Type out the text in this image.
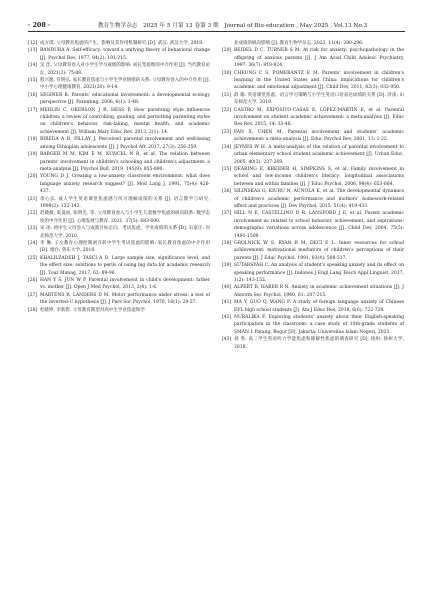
· 208 ·	教育生物学杂志　2025 年 5 月第 13 卷第 3 期　Journal of Bio-education , May 2025 , Vol.13 No.3
[12] 成方琪. 父母教育焦虑的产生、影响及其作用机制研究 [D]. 武汉: 武汉大学, 2019.
[13] BANDURA A. Self-efficacy: toward a unifying theory of behavioral change [J]. Psychol Rev, 1977, 84(2): 191-215.
[14] 吴 佳. 父母教育卷入对小学生学习成绩的影响: 成长型思维的中介作用 [J]. 当代教育论坛, 2021(2): 75-88.
[15] 程兴逸, 符明弘. 家长教育焦虑与小学生学业情绪的关系: 父母教育卷入的中介作用 [J]. 中小学心理健康教育, 2021(20): 9-14.
[16] SEGINER R. Parents' educational involvement: a developmental ecology perspective [J]. Parenting, 2006, 6(1): 1-48.
[17] MERLIN C, OKERSON J R, HESS P. How parenting style influences children: a review of controlling, guiding, and permitting parenting styles on children's behavior, risk-taking, mental health, and academic achievement [J]. William Mary Educ Rev, 2013, 2(1): 14.
[18] BIREDA A D, PILLAY J. Perceived parental involvement and well-being among Ethiopian adolescents [J]. J Psychol Afr, 2017, 27(3): 256-259.
[19] BARGER M M, KIM E M, KUNCEL N R, et al. The relation between parents' involvement in children's schooling and children's adjustment: a meta-analysis [J]. Psychol Bull, 2019, 145(9): 855-890.
[20] YOUNG D J. Creating a low-anxiety classroom environment: what does language anxiety research suggest? [J]. Mod Lang J, 1991, 75(4): 426-437.
[21] 余心乐. 成人学生英语课堂焦虑感与所习理解成绩的关系 [J]. 语言教学与研究, 1998(2): 132-143.
[22] 赵晓薇, 张曼雨, 张明光, 等. 父母教育卷入与小学生儿童数学焦虑的纵向联系: 数学态度的中介作用 [J]. 心理发展与教育, 2021, 37(5): 683-690.
[23] 宋 冰. 初中生父母卷入与成就目标定向、考试焦虑、学业成绩的关系 [D]. 石家庄: 河北师范大学, 2010.
[24] 李 琳. 子女教育心理控制剥夺转中学生考试焦虑的影响: 家长教育焦虑的中介作用 [D]. 烟台: 鲁东大学, 2018.
[25] KHALILZADEH J, TASCI A D. Large sample size, significance level, and the effect size: solutions to perils of using big data for academic research [J]. Tour Manag, 2017, 62: 89-96.
[26] HAN Y S, JUN W P. Parental involvement in child's development: father vs. mother [J]. Open J Med Psychol, 2013, 2(4): 1-6.
[27] MARTENS R, LANDERS D M. Motor performance under stress: a test of the inverted-U hypothesis [J]. J Pers Soc Psychol, 1970, 16(1): 29-37.
[28] 杜晓婷, 李新影. 父母教育期望对高中生学业焦虑和学
业成绩的纵向影响 [J]. 教育生物学杂志, 2023, 11(4): 290-296.
[29] BEIDEL D C, TURNER S M. At risk for anxiety: psychopathology in the offspring of anxious parents [J]. J Am Acad Child Adolesc Psychiatry, 1997, 36(7): 918-924.
[30] CHEUNG C S, POMERANTZ E M. Parents' involvement in children's learning in the United States and China: implications for children's academic and emotional adjustment [J]. Child Dev, 2011, 82(3): 932-950.
[31] 薛 瑜. 英语课堂焦虑、语言学习策略与小学生英语口语表达成绩的关系 [D]. 济南: 山东师范大学, 2019.
[32] CASTRO M, EXPÓSITO-CASAS E, LÓPEZ-MARTÍN E, et al. Parental involvement on student academic achievement: a meta-analysis [J]. Educ Res Rev, 2015, 14: 33-46.
[33] FAN X, CHEN M. Parental involvement and students' academic achievement: a meta-analysis [J]. Educ Psychol Rev, 2001, 13: 1-22.
[34] JEYNES W H. A meta-analysis of the relation of parental involvement to urban elementary school student academic achievement [J]. Urban Educ, 2005, 40(3): 237-269.
[35] DEARING E, KREIDER H, SIMPKINS S, et al. Family involvement in school and low-income children's literacy: longitudinal associations between and within families [J]. J Educ Psychol, 2006, 98(4): 653-664.
[36] SILINSKAS G, KIURU N, AUNOLA K, et al. The developmental dynamics of children's academic performance and mothers' homework-related affect and practices [J]. Dev Psychol, 2015, 51(4): 419-433.
[37] HILL N E, CASTELLINO D R, LANSFORD J E, et al. Parent academic involvement as related to school behavior, achievement, and aspirations: demographic variations across adolescence [J]. Child Dev, 2004, 75(5): 1491-1509.
[38] GROLNICK W S, RYAN R M, DECI E L. Inner resources for school achievement: motivational mediators of children's perceptions of their parents [J]. J Educ Psychol, 1991, 83(4): 508-517.
[39] SUTARSYAH C. An analysis of student's speaking anxiety and its effect on speaking performance [J]. Indones J Engl Lang Teach Appl Linguist, 2017, 1(2): 143-152.
[40] ALPERT R, HABER R N. Anxiety in academic achievement situations [J]. J Abnorm Soc Psychol, 1960, 61: 207-215.
[41] MA Y, GUO Q, WANG F. A study of foreign language anxiety of Chinese EFL high school students [J]. Am J Educ Res, 2018, 6(6): 722-728.
[42] NURALIKA F. Exploring students' anxiety about their English-speaking participation in the classroom: a case study of 10th-grade students of SMAN 1 Patang, Bogor [D]. Jakarta: Universitas Islam Negeri, 2023.
[43] 刘 秀. 高三学生英语听力学能焦虑和降解性焦虑的调查研究 [D]. 扬州: 扬州大学, 2018.
